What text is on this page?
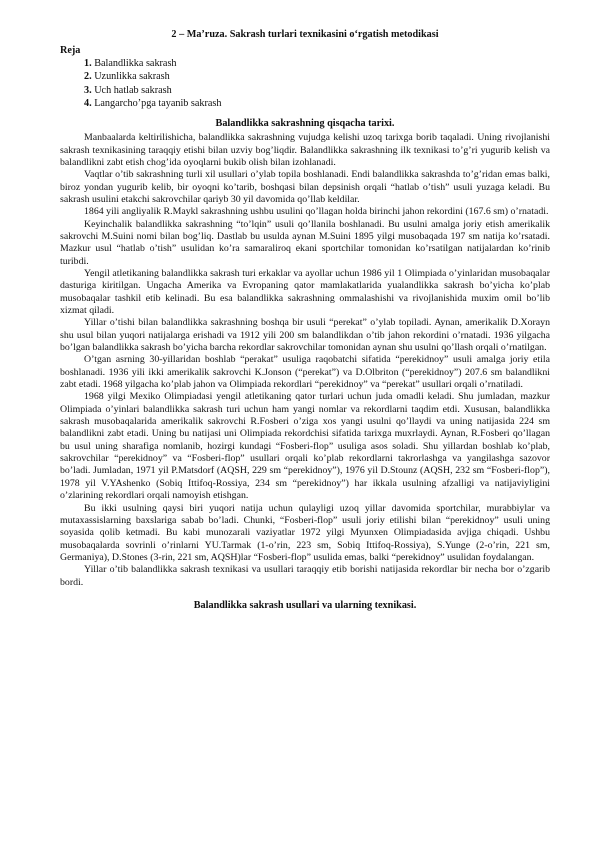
2 – Ma’ruza. Sakrash turlari texnikasini o‘rgatish metodikasi

Reja

1. Balandlikka sakrash
2. Uzunlikka sakrash
3. Uch hatlab sakrash
4. Langarcho’pga tayanib sakrash

Balandlikka sakrashning qisqacha tarixi.

Manbaalarda keltirilishicha, balandlikka sakrashning vujudga kelishi uzoq tarixga borib taqaladi. Uning rivojlanishi sakrash texnikasining taraqqiy etishi bilan uzviy bog’liqdir. Balandlikka sakrashning ilk texnikasi to’g’ri yugurib kelish va balandlikni zabt etish chog’ida oyoqlarni bukib olish bilan izohlanadi.

Vaqtlar o’tib sakrashning turli xil usullari o’ylab topila boshlanadi. Endi balandlikka sakrashda to’g’ridan emas balki, biroz yondan yugurib kelib, bir oyoqni ko’tarib, boshqasi bilan depsinish orqali “hatlab o’tish” usuli yuzaga keladi. Bu sakrash usulini etakchi sakrovchilar qariyb 30 yil davomida qo’llab keldilar.

1864 yili angliyalik R.Maykl sakrashning ushbu usulini qo’llagan holda birinchi jahon rekordini (167.6 sm) o’rnatadi.

Keyinchalik balandlikka sakrashning “to’lqin” usuli qo’llanila boshlanadi. Bu usulni amalga joriy etish amerikalik sakrovchi M.Suini nomi bilan bog’liq. Dastlab bu usulda aynan M.Suini 1895 yilgi musobaqada 197 sm natija ko’rsatadi. Mazkur usul “hatlab o’tish” usulidan ko’ra samaraliroq ekani sportchilar tomonidan ko’rsatilgan natijalardan ko’rinib turibdi.

Yengil atletikaning balandlikka sakrash turi erkaklar va ayollar uchun 1986 yil 1 Olimpiada o’yinlaridan musobaqalar dasturiga kiritilgan. Ungacha Amerika va Evropaning qator mamlakatlarida yualandlikka sakrash bo’yicha ko’plab musobaqalar tashkil etib kelinadi. Bu esa balandlikka sakrashning ommalashishi va rivojlanishida muxim omil bo’lib xizmat qiladi.

Yillar o’tishi bilan balandlikka sakrashning boshqa bir usuli “perekat” o’ylab topiladi. Aynan, amerikalik D.Xorayn shu usul bilan yuqori natijalarga erishadi va 1912 yili 200 sm balandlikdan o’tib jahon rekordini o’rnatadi. 1936 yilgacha bo’lgan balandlikka sakrash bo’yicha barcha rekordlar sakrovchilar tomonidan aynan shu usulni qo’llash orqali o’rnatilgan.

O’tgan asrning 30-yillaridan boshlab “perakat” usuliga raqobatchi sifatida “perekidnoy” usuli amalga joriy etila boshlanadi. 1936 yili ikki amerikalik sakrovchi K.Jonson (“perekat”) va D.Olbriton (“perekidnoy”) 207.6 sm balandlikni zabt etadi. 1968 yilgacha ko’plab jahon va Olimpiada rekordlari “perekidnoy” va “perekat” usullari orqali o’rnatiladi.

1968 yilgi Mexiko Olimpiadasi yengil atletikaning qator turlari uchun juda omadli keladi. Shu jumladan, mazkur Olimpiada o’yinlari balandlikka sakrash turi uchun ham yangi nomlar va rekordlarni taqdim etdi. Xususan, balandlikka sakrash musobaqalarida amerikalik sakrovchi R.Fosberi o’ziga xos yangi usulni qo’llaydi va uning natijasida 224 sm balandlikni zabt etadi. Uning bu natijasi uni Olimpiada rekordchisi sifatida tarixga muxrlaydi. Aynan, R.Fosberi qo’llagan bu usul uning sharafiga nomlanib, hozirgi kundagi “Fosberi-flop” usuliga asos soladi. Shu yillardan boshlab ko’plab, sakrovchilar “perekidnoy” va “Fosberi-flop” usullari orqali ko’plab rekordlarni takrorlashga va yangilashga sazovor bo’ladi. Jumladan, 1971 yil P.Matsdorf (AQSH, 229 sm “perekidnoy”), 1976 yil D.Stounz (AQSH, 232 sm “Fosberi-flop”), 1978 yil V.YAshenko (Sobiq Ittifoq-Rossiya, 234 sm “perekidnoy”) har ikkala usulning afzalligi va natijaviyligini o’zlarining rekordlari orqali namoyish etishgan.

Bu ikki usulning qaysi biri yuqori natija uchun qulayligi uzoq yillar davomida sportchilar, murabbiylar va mutaxassislarning baxslariga sabab bo’ladi. Chunki, “Fosberi-flop” usuli joriy etilishi bilan “perekidnoy” usuli uning soyasida qolib ketmadi. Bu kabi munozarali vaziyatlar 1972 yilgi Myunxen Olimpiadasida avjiga chiqadi. Ushbu musobaqalarda sovrinli o’rinlarni YU.Tarmak (1-o’rin, 223 sm, Sobiq Ittifoq-Rossiya), S.Yunge (2-o’rin, 221 sm, Germaniya), D.Stones (3-rin, 221 sm, AQSH)lar “Fosberi-flop” usulida emas, balki “perekidnoy” usulidan foydalangan.

Yillar o’tib balandlikka sakrash texnikasi va usullari taraqqiy etib borishi natijasida rekordlar bir necha bor o’zgarib bordi.

Balandlikka sakrash usullari va ularning texnikasi.
